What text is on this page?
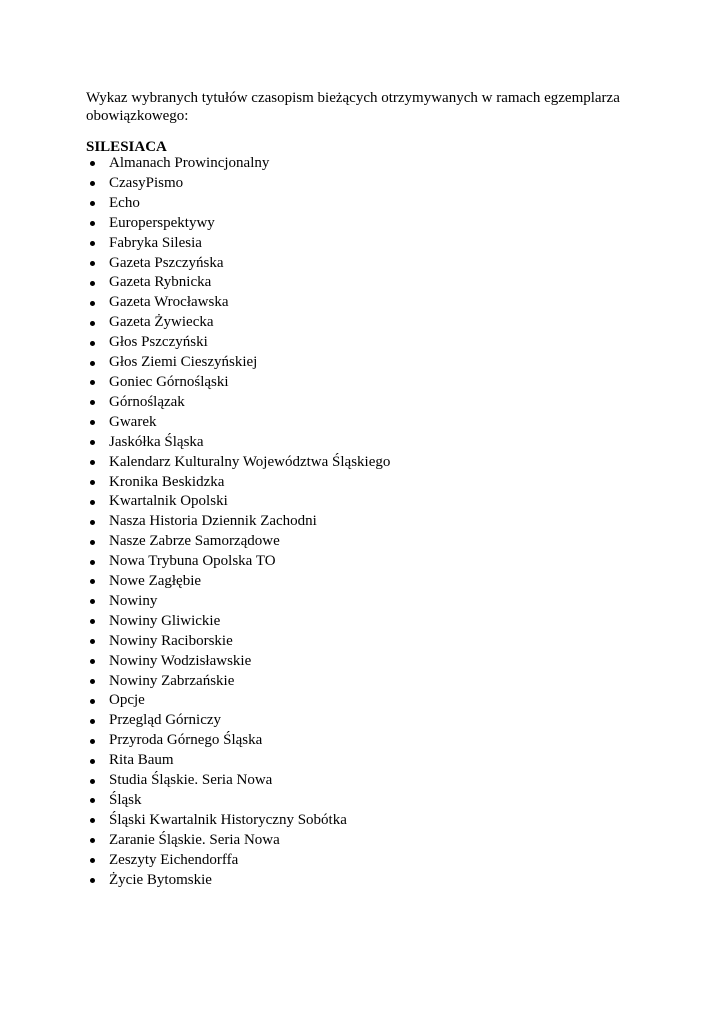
Wykaz wybranych tytułów czasopism bieżących otrzymywanych w ramach egzemplarza obowiązkowego:

SILESIACA

Almanach Prowincjonalny
CzasyPismo
Echo
Europerspektywy
Fabryka Silesia
Gazeta Pszczyńska
Gazeta Rybnicka
Gazeta Wrocławska
Gazeta Żywiecka
Głos Pszczyński
Głos Ziemi Cieszyńskiej
Goniec Górnośląski
Górnoślązak
Gwarek
Jaskółka Śląska
Kalendarz Kulturalny Województwa Śląskiego
Kronika Beskidzka
Kwartalnik Opolski
Nasza Historia Dziennik Zachodni
Nasze Zabrze Samorządowe
Nowa Trybuna Opolska TO
Nowe Zagłębie
Nowiny
Nowiny Gliwickie
Nowiny Raciborskie
Nowiny Wodzisławskie
Nowiny Zabrzańskie
Opcje
Przegląd Górniczy
Przyroda Górnego Śląska
Rita Baum
Studia Śląskie. Seria Nowa
Śląsk
Śląski Kwartalnik Historyczny Sobótka
Zaranie Śląskie. Seria Nowa
Zeszyty Eichendorffa
Życie Bytomskie
